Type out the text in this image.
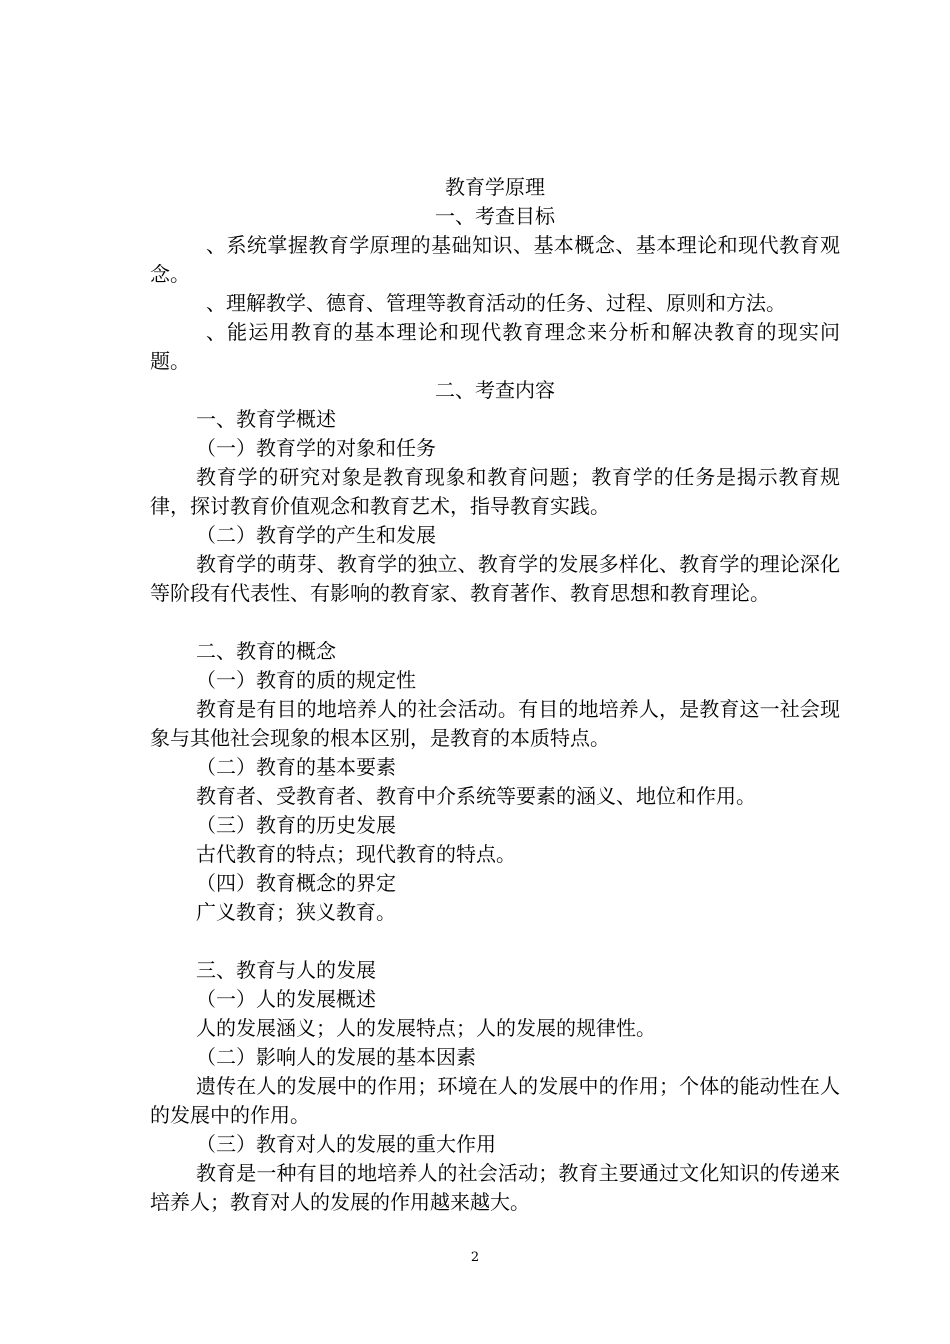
教育学原理
一、考查目标
、系统掌握教育学原理的基础知识、基本概念、基本理论和现代教育观念。
、理解教学、德育、管理等教育活动的任务、过程、原则和方法。
、能运用教育的基本理论和现代教育理念来分析和解决教育的现实问题。
二、考查内容
一、教育学概述
（一）教育学的对象和任务
教育学的研究对象是教育现象和教育问题；教育学的任务是揭示教育规律，探讨教育价值观念和教育艺术，指导教育实践。
（二）教育学的产生和发展
教育学的萌芽、教育学的独立、教育学的发展多样化、教育学的理论深化等阶段有代表性、有影响的教育家、教育著作、教育思想和教育理论。
二、教育的概念
（一）教育的质的规定性
教育是有目的地培养人的社会活动。有目的地培养人，是教育这一社会现象与其他社会现象的根本区别，是教育的本质特点。
（二）教育的基本要素
教育者、受教育者、教育中介系统等要素的涵义、地位和作用。
（三）教育的历史发展
古代教育的特点；现代教育的特点。
（四）教育概念的界定
广义教育；狭义教育。
三、教育与人的发展
（一）人的发展概述
人的发展涵义；人的发展特点；人的发展的规律性。
（二）影响人的发展的基本因素
遗传在人的发展中的作用；环境在人的发展中的作用；个体的能动性在人的发展中的作用。
（三）教育对人的发展的重大作用
教育是一种有目的地培养人的社会活动；教育主要通过文化知识的传递来培养人；教育对人的发展的作用越来越大。
2
